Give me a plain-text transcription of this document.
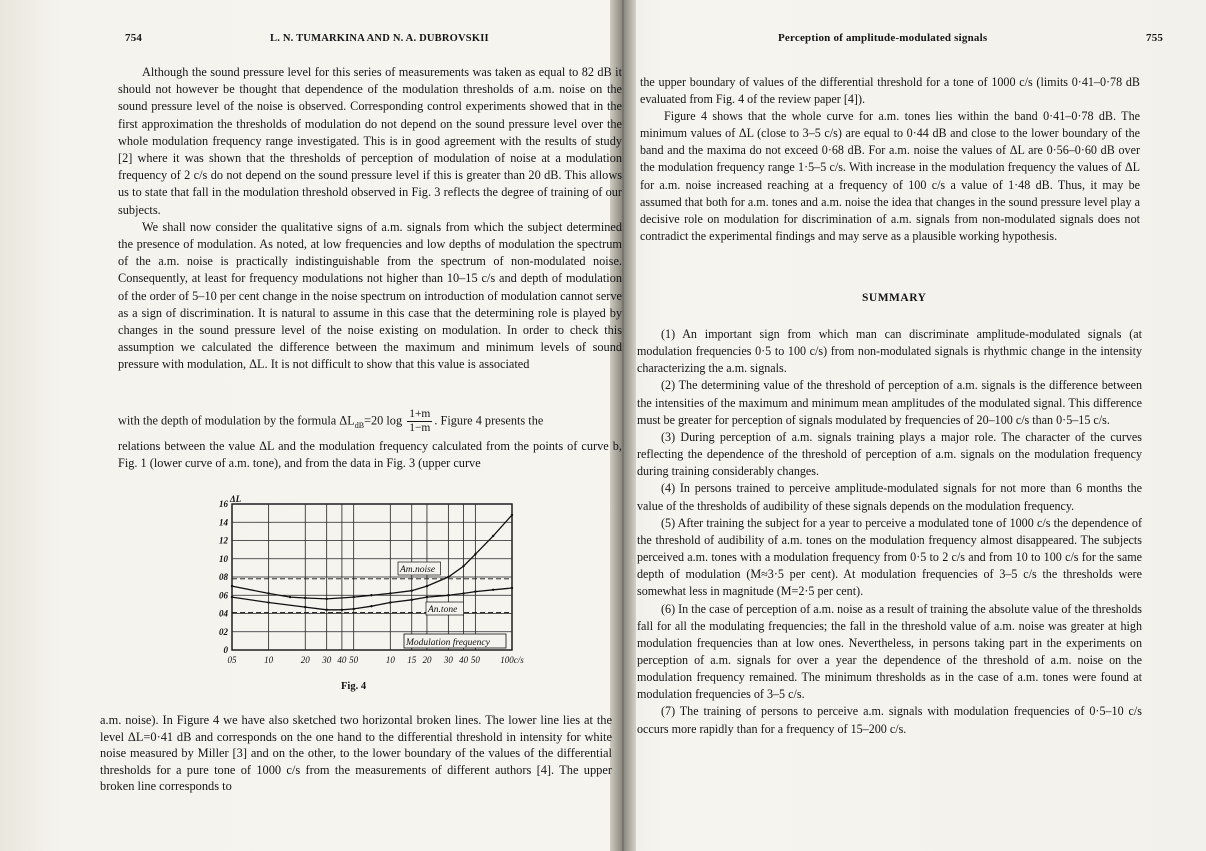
754	L. N. TUMARKINA AND N. A. DUBROVSKII

Although the sound pressure level for this series of measurements was taken as equal to 82 dB it should not however be thought that dependence of the modulation thresholds of a.m. noise on the sound pressure level of the noise is observed. Corresponding control experiments showed that in the first approximation the thresholds of modulation do not depend on the sound pressure level over the whole modulation frequency range investigated. This is in good agreement with the results of study [2] where it was shown that the thresholds of perception of modulation of noise at a modulation frequency of 2 c/s do not depend on the sound pressure level if this is greater than 20 dB. This allows us to state that fall in the modulation threshold observed in Fig. 3 reflects the degree of training of our subjects.

We shall now consider the qualitative signs of a.m. signals from which the subject determined the presence of modulation. As noted, at low frequencies and low depths of modulation the spectrum of the a.m. noise is practically indistinguishable from the spectrum of non-modulated noise. Consequently, at least for frequency modulations not higher than 10–15 c/s and depth of modulation of the order of 5–10 per cent change in the noise spectrum on introduction of modulation cannot serve as a sign of discrimination. It is natural to assume in this case that the determining role is played by changes in the sound pressure level of the noise existing on modulation. In order to check this assumption we calculated the difference between the maximum and minimum levels of sound pressure with modulation, ΔL. It is not difficult to show that this value is associated

with the depth of modulation by the formula $\Delta L_{dB}=20$ $\log \frac{1+m}{1-m}$ . Figure 4 presents the

relations between the value ΔL and the modulation frequency calculated from the points of curve b, Fig. 1 (lower curve of a.m. tone), and from the data in Fig. 3 (upper curve

0
02
04
06
08
10
12
14
16
05	10	20 30 40 50	10 15 20 30 40 50 100c/s
ΔL
Am.noise
An.tone
Modulation frequency
Fig. 4

a.m. noise). In Figure 4 we have also sketched two horizontal broken lines. The lower line lies at the level ΔL=0·41 dB and corresponds on the one hand to the differential threshold in intensity for white noise measured by Miller [3] and on the other, to the lower boundary of the values of the differential thresholds for a pure tone of 1000 c/s from the measurements of different authors [4]. The upper broken line corresponds to

Perception of amplitude-modulated signals	755

the upper boundary of values of the differential threshold for a tone of 1000 c/s (limits 0·41–0·78 dB evaluated from Fig. 4 of the review paper [4]).

Figure 4 shows that the whole curve for a.m. tones lies within the band 0·41–0·78 dB. The minimum values of ΔL (close to 3–5 c/s) are equal to 0·44 dB and close to the lower boundary of the band and the maxima do not exceed 0·68 dB. For a.m. noise the values of ΔL are 0·56–0·60 dB over the modulation frequency range 1·5–5 c/s. With increase in the modulation frequency the values of ΔL for a.m. noise increased reaching at a frequency of 100 c/s a value of 1·48 dB. Thus, it may be assumed that both for a.m. tones and a.m. noise the idea that changes in the sound pressure level play a decisive role on modulation for discrimination of a.m. signals from non-modulated signals does not contradict the experimental findings and may serve as a plausible working hypothesis.

SUMMARY

(1) An important sign from which man can discriminate amplitude-modulated signals (at modulation frequencies 0·5 to 100 c/s) from non-modulated signals is rhythmic change in the intensity characterizing the a.m. signals.

(2) The determining value of the threshold of perception of a.m. signals is the difference between the intensities of the maximum and minimum mean amplitudes of the modulated signal. This difference must be greater for perception of signals modulated by frequencies of 20–100 c/s than 0·5–15 c/s.

(3) During perception of a.m. signals training plays a major role. The character of the curves reflecting the dependence of the threshold of perception of a.m. signals on the modulation frequency during training considerably changes.

(4) In persons trained to perceive amplitude-modulated signals for not more than 6 months the value of the thresholds of audibility of these signals depends on the modulation frequency.

(5) After training the subject for a year to perceive a modulated tone of 1000 c/s the dependence of the threshold of audibility of a.m. tones on the modulation frequency almost disappeared. The subjects perceived a.m. tones with a modulation frequency from 0·5 to 2 c/s and from 10 to 100 c/s for the same depth of modulation (M≈3·5 per cent). At modulation frequencies of 3–5 c/s the thresholds were somewhat less in magnitude (M=2·5 per cent).

(6) In the case of perception of a.m. noise as a result of training the absolute value of the thresholds fall for all the modulating frequencies; the fall in the threshold value of a.m. noise was greater at high modulation frequencies than at low ones. Nevertheless, in persons taking part in the experiments on perception of a.m. signals for over a year the dependence of the threshold of a.m. noise on the modulation frequency remained. The minimum thresholds as in the case of a.m. tones were found at modulation frequencies of 3–5 c/s.

(7) The training of persons to perceive a.m. signals with modulation frequencies of 0·5–10 c/s occurs more rapidly than for a frequency of 15–200 c/s.
